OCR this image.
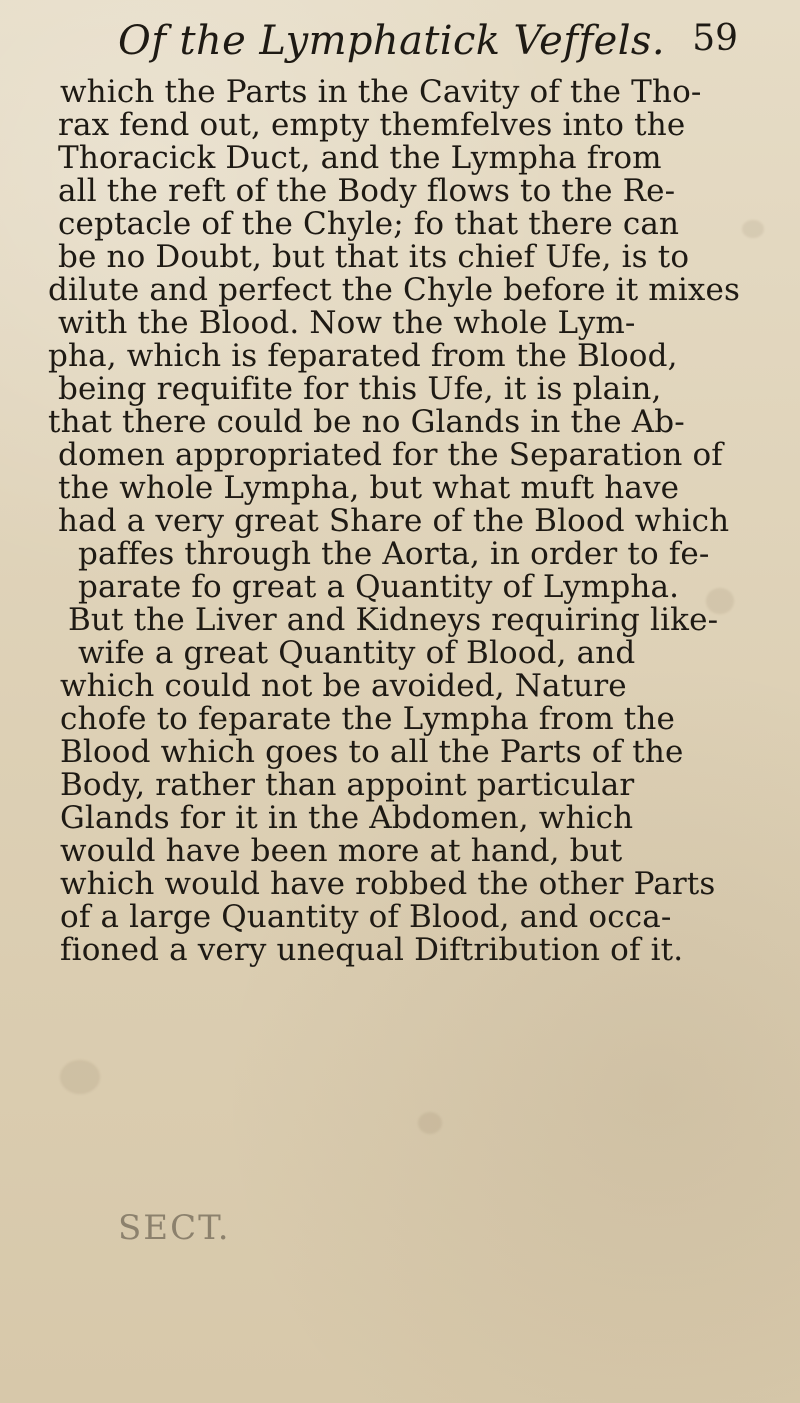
Of the Lymphatick Veffels. 59
which the Parts in the Cavity of the Tho-
rax fend out, empty themfelves into the
Thoracick Duct, and the Lympha from
all the reft of the Body flows to the Re-
ceptacle of the Chyle; fo that there can
be no Doubt, but that its chief Ufe, is to
dilute and perfect the Chyle before it mixes
with the Blood. Now the whole Lym-
pha, which is feparated from the Blood,
being requifite for this Ufe, it is plain,
that there could be no Glands in the Ab-
domen appropriated for the Separation of
the whole Lympha, but what muft have
had a very great Share of the Blood which
paffes through the Aorta, in order to fe-
parate fo great a Quantity of Lympha.
But the Liver and Kidneys requiring like-
wife a great Quantity of Blood, and
which could not be avoided, Nature
chofe to feparate the Lympha from the
Blood which goes to all the Parts of the
Body, rather than appoint particular
Glands for it in the Abdomen, which
would have been more at hand, but
which would have robbed the other Parts
of a large Quantity of Blood, and occa-
fioned a very unequal Diftribution of it.
SECT.
